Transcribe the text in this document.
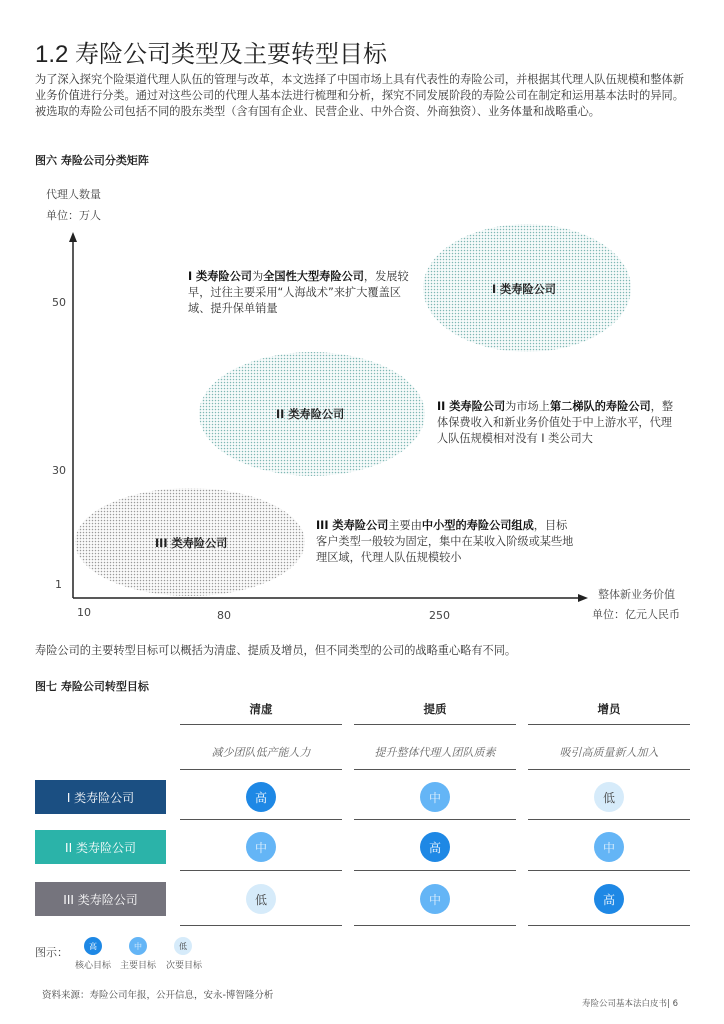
1.2 寿险公司类型及主要转型目标
为了深入探究个险渠道代理人队伍的管理与改革，本文选择了中国市场上具有代表性的寿险公司，并根据其代理人队伍规模和整体新业务价值进行分类。通过对这些公司的代理人基本法进行梳理和分析，探究不同发展阶段的寿险公司在制定和运用基本法时的异同。被选取的寿险公司包括不同的股东类型（含有国有企业、民营企业、中外合资、外商独资）、业务体量和战略重心。
图六 寿险公司分类矩阵
代理人数量
单位：万人
50
30
1
10	80	250
整体新业务价值
单位：亿元人民币
I 类寿险公司
II 类寿险公司
III 类寿险公司
I 类寿险公司为全国性大型寿险公司，发展较早，过往主要采用“人海战术”来扩大覆盖区域、提升保单销量
II 类寿险公司为市场上第二梯队的寿险公司，整体保费收入和新业务价值处于中上游水平，代理人队伍规模相对没有 I 类公司大
III 类寿险公司主要由中小型的寿险公司组成，目标客户类型一般较为固定，集中在某收入阶级或某些地理区域，代理人队伍规模较小
寿险公司的主要转型目标可以概括为清虚、提质及增员，但不同类型的公司的战略重心略有不同。
图七 寿险公司转型目标
清虚	提质	增员
减少团队低产能人力	提升整体代理人团队质素	吸引高质量新人加入
I 类寿险公司	高	中	低
II 类寿险公司	中	高	中
III 类寿险公司	低	中	高
图示：	高	中	低
核心目标 主要目标 次要目标
资料来源：寿险公司年报，公开信息，安永-博智隆分析
寿险公司基本法白皮书| 6
